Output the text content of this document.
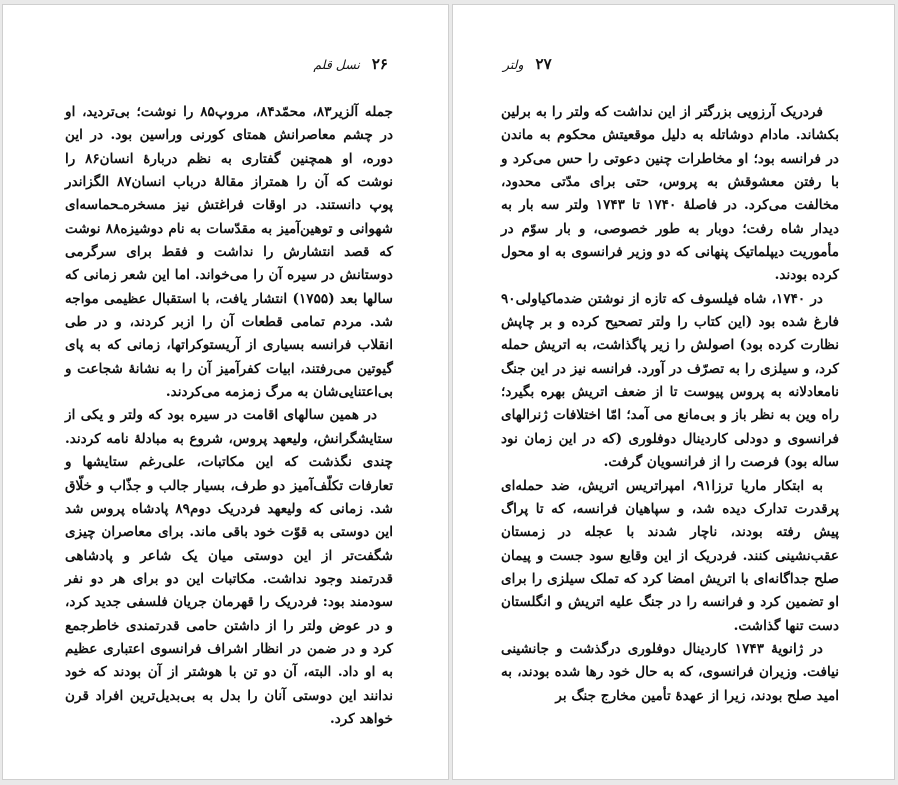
۲۶
نسل قلم

جمله آلزیر۸۳، محمّد۸۴، مروپ۸۵ را نوشت؛ بی‌تردید، او در چشم معاصرانش همتای کورنی وراسین بود. در این دوره، او همچنین گفتاری به نظم دربارهٔ انسان۸۶ را نوشت که آن را همتراز مقالهٔ درباب انسان۸۷ الگزاندر پوپ دانستند. در اوقات فراغتش نیز مسخره‌ـحماسه‌ای شهوانی و توهین‌آمیز به مقدّسات به نام دوشیزه۸۸ نوشت که قصد انتشارش را نداشت و فقط برای سرگرمی دوستانش در سیره آن را می‌خواند. اما این شعر زمانی که سالها بعد (۱۷۵۵) انتشار یافت، با استقبال عظیمی مواجه شد. مردم تمامی قطعات آن را ازبر کردند، و در طی انقلاب فرانسه بسیاری از آریستوکراتها، زمانی که به پای گیوتین می‌رفتند، ابیات کفرآمیز آن را به نشانهٔ شجاعت و بی‌اعتنایی‌شان به مرگ زمزمه می‌کردند.

در همین سالهای اقامت در سیره بود که ولتر و یکی از ستایشگرانش، ولیعهد پروس، شروع به مبادلهٔ نامه کردند. چندی نگذشت که این مکاتبات، علی‌رغم ستایشها و تعارفات تکلّف‌آمیز دو طرف، بسیار جالب و جذّاب و خلّاق شد. زمانی که ولیعهد فردریک دوم۸۹ پادشاه پروس شد این دوستی به قوّت خود باقی ماند. برای معاصران چیزی شگفت‌تر از این دوستی میان یک شاعر و پادشاهی قدرتمند وجود نداشت. مکاتبات این دو برای هر دو نفر سودمند بود: فردریک را قهرمان جریان فلسفی جدید کرد، و در عوض ولتر را از داشتن حامی قدرتمندی خاطرجمع کرد و در ضمن در انظار اشراف فرانسوی اعتباری عظیم به او داد. البته، آن دو تن با هوشتر از آن بودند که خود ندانند این دوستی آنان را بدل به بی‌بدیل‌ترین افراد قرن خواهد کرد.

ولتر ۲۷

فردریک آرزویی بزرگتر از این نداشت که ولتر را به برلین بکشاند. مادام دوشاتله به دلیل موقعیتش محکوم به ماندن در فرانسه بود؛ او مخاطرات چنین دعوتی را حس می‌کرد و با رفتن معشوقش به پروس، حتی برای مدّتی محدود، مخالفت می‌کرد. در فاصلهٔ ۱۷۴۰ تا ۱۷۴۳ ولتر سه بار به دیدار شاه رفت؛ دوبار به طور خصوصی، و بار سوّم در مأموریت دیپلماتیک پنهانی که دو وزیر فرانسوی به او محول کرده بودند.

در ۱۷۴۰، شاه فیلسوف که تازه از نوشتن ضدماکیاولی۹۰ فارغ شده بود (این کتاب را ولتر تصحیح کرده و بر چاپش نظارت کرده بود) اصولش را زیر پاگذاشت، به اتریش حمله کرد، و سیلزی را به تصرّف در آورد. فرانسه نیز در این جنگ نامعادلانه به پروس پیوست تا از ضعف اتریش بهره بگیرد؛ راه وین به نظر باز و بی‌مانع می آمد؛ امّا اختلافات ژنرالهای فرانسوی و دودلی کاردینال دوفلوری (که در این زمان نود ساله بود) فرصت را از فرانسویان گرفت.

به ابتکار ماریا ترزا۹۱، امپراتریس اتریش، ضد حمله‌ای پرقدرت تدارک دیده شد، و سپاهیان فرانسه، که تا پراگ پیش رفته بودند، ناچار شدند با عجله در زمستان عقب‌نشینی کنند. فردریک از این وقایع سود جست و پیمان صلح جداگانه‌ای با اتریش امضا کرد که تملک سیلزی را برای او تضمین کرد و فرانسه را در جنگ علیه اتریش و انگلستان دست تنها گذاشت.

در ژانویهٔ ۱۷۴۳ کاردینال دوفلوری درگذشت و جانشینی نیافت. وزیران فرانسوی، که به حال خود رها شده بودند، به امید صلح بودند، زیرا از عهدهٔ تأمین مخارج جنگ بر
